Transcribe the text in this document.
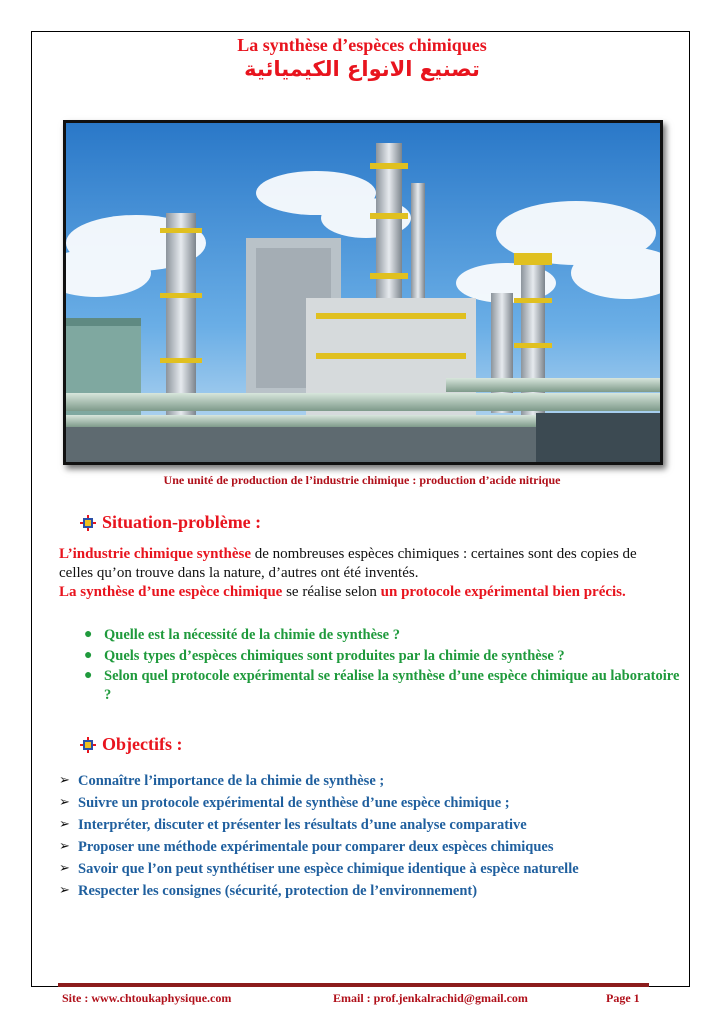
La synthèse d’espèces chimiques
تصنيع الانواع الكيميائية
Une unité de production de l’industrie chimique : production d’acide nitrique
Situation-problème :
L’industrie chimique synthèse de nombreuses espèces chimiques : certaines sont des copies de celles qu’on trouve dans la nature, d’autres ont été inventés.
La synthèse d’une espèce chimique se réalise selon un protocole expérimental bien précis.
● Quelle est la nécessité de la chimie de synthèse ?
● Quels types d’espèces chimiques sont produites par la chimie de synthèse ?
● Selon quel protocole expérimental se réalise la synthèse d’une espèce chimique au laboratoire ?
Objectifs :
➢ Connaître l’importance de la chimie de synthèse ;
➢ Suivre un protocole expérimental de synthèse d’une espèce chimique ;
➢ Interpréter, discuter et présenter les résultats d’une analyse comparative
➢ Proposer une méthode expérimentale pour comparer deux espèces chimiques
➢ Savoir que l’on peut synthétiser une espèce chimique identique à espèce naturelle
➢ Respecter les consignes (sécurité, protection de l’environnement)
Site : www.chtoukaphysique.com	Email : prof.jenkalrachid@gmail.com	Page 1
